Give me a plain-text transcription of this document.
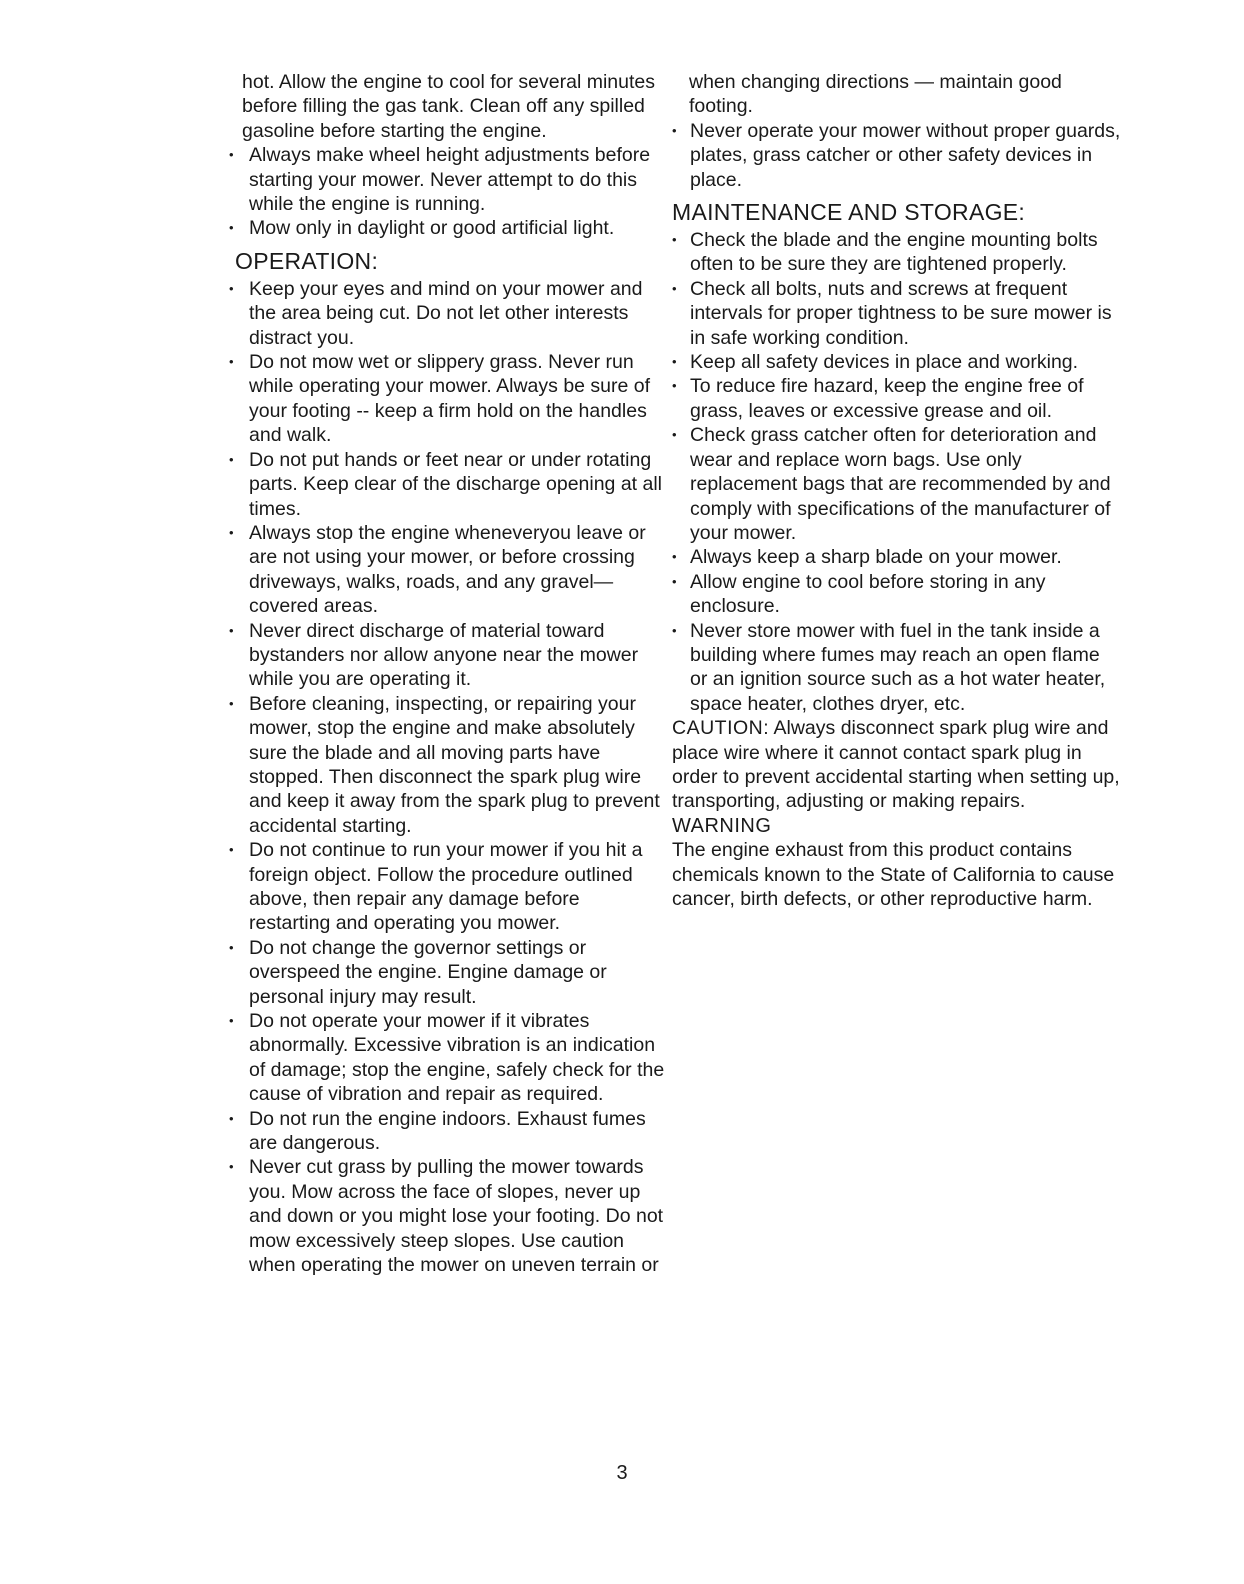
hot. Allow the engine to cool for several minutes before filling the gas tank. Clean off any spilled gasoline before starting the engine.

• Always make wheel height adjustments before starting your mower. Never attempt to do this while the engine is running.
• Mow only in daylight or good artificial light.
OPERATION:
• Keep your eyes and mind on your mower and the area being cut. Do not let other interests distract you.
• Do not mow wet or slippery grass. Never run while operating your mower. Always be sure of your footing -- keep a firm hold on the handles and walk.
• Do not put hands or feet near or under rotating parts. Keep clear of the discharge opening at all times.
• Always stop the engine wheneveryou leave or are not using your mower, or before crossing driveways, walks, roads, and any gravel—covered areas.
• Never direct discharge of material toward bystanders nor allow anyone near the mower while you are operating it.
• Before cleaning, inspecting, or repairing your mower, stop the engine and make absolutely sure the blade and all moving parts have stopped. Then disconnect the spark plug wire and keep it away from the spark plug to prevent accidental starting.
• Do not continue to run your mower if you hit a foreign object. Follow the procedure outlined above, then repair any damage before restarting and operating you mower.
• Do not change the governor settings or overspeed the engine. Engine damage or personal injury may result.
• Do not operate your mower if it vibrates abnormally. Excessive vibration is an indication of damage; stop the engine, safely check for the cause of vibration and repair as required.
• Do not run the engine indoors. Exhaust fumes are dangerous.
• Never cut grass by pulling the mower towards you. Mow across the face of slopes, never up and down or you might lose your footing. Do not mow excessively steep slopes. Use caution when operating the mower on uneven terrain or

when changing directions — maintain good footing.

• Never operate your mower without proper guards, plates, grass catcher or other safety devices in place.
MAINTENANCE AND STORAGE:
• Check the blade and the engine mounting bolts often to be sure they are tightened properly.
• Check all bolts, nuts and screws at frequent intervals for proper tightness to be sure mower is in safe working condition.
• Keep all safety devices in place and working.
• To reduce fire hazard, keep the engine free of grass, leaves or excessive grease and oil.
• Check grass catcher often for deterioration and wear and replace worn bags. Use only replacement bags that are recommended by and comply with specifications of the manufacturer of your mower.
• Always keep a sharp blade on your mower.
• Allow engine to cool before storing in any enclosure.
• Never store mower with fuel in the tank inside a building where fumes may reach an open flame or an ignition source such as a hot water heater, space heater, clothes dryer, etc.

CAUTION: Always disconnect spark plug wire and place wire where it cannot contact spark plug in order to prevent accidental starting when setting up, transporting, adjusting or making repairs.

WARNING

The engine exhaust from this product contains chemicals known to the State of California to cause cancer, birth defects, or other reproductive harm.

3
